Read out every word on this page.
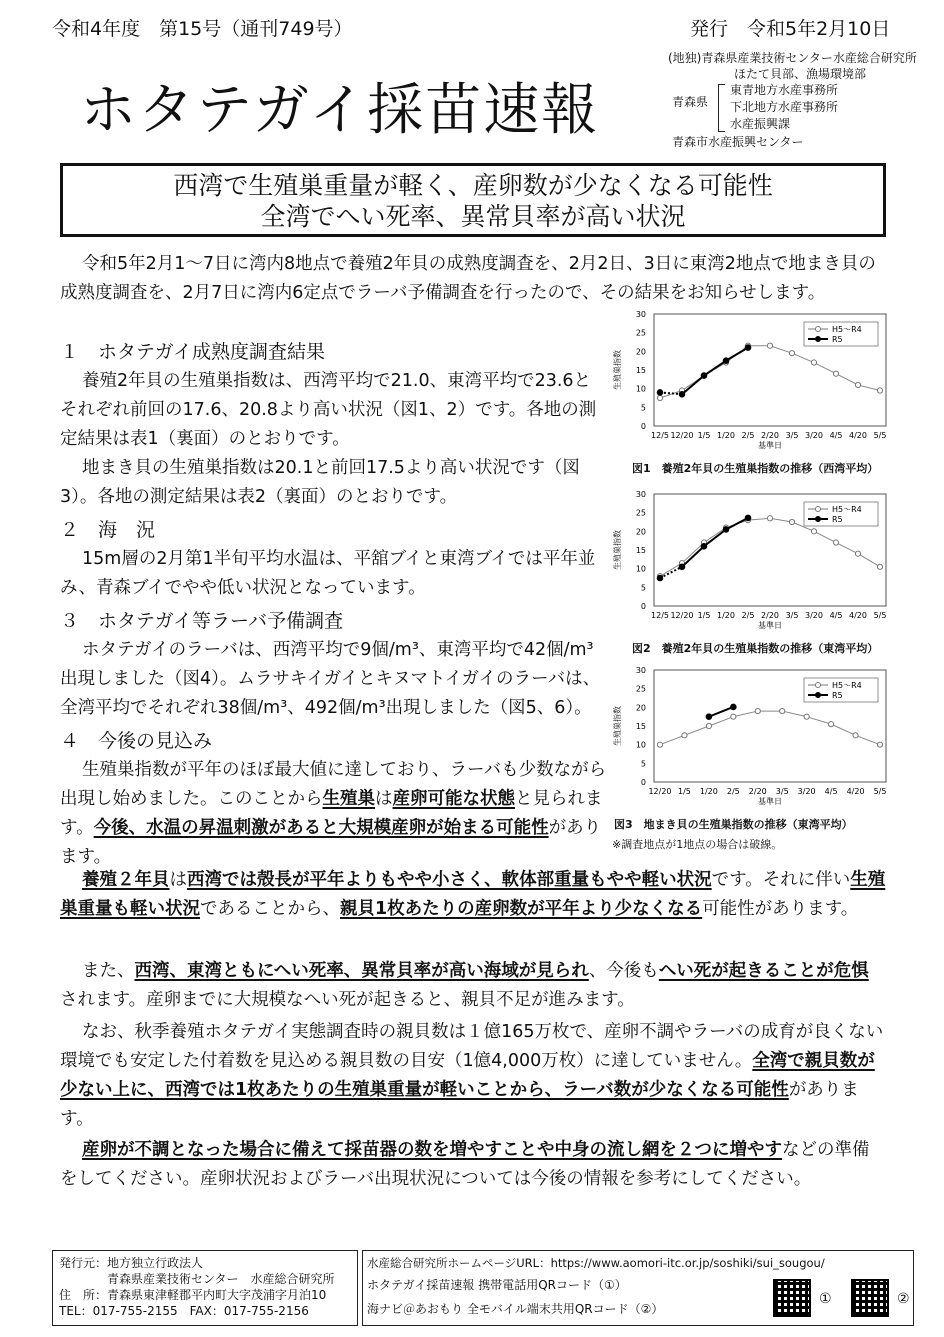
令和4年度　第15号（通刊749号）	発行　令和5年2月10日
ホタテガイ採苗速報
(地独)青森県産業技術センター水産総合研究所
ほたて貝部、漁場環境部
青森県
東青地方水産事務所
下北地方水産事務所
水産振興課
青森市水産振興センター
西湾で生殖巣重量が軽く、産卵数が少なくなる可能性
全湾でへい死率、異常貝率が高い状況
令和5年2月1～7日に湾内8地点で養殖2年貝の成熟度調査を、2月2日、3日に東湾2地点で地まき貝の成熟度調査を、2月7日に湾内6定点でラーバ予備調査を行ったので、その結果をお知らせします。
１　ホタテガイ成熟度調査結果
養殖2年貝の生殖巣指数は、西湾平均で21.0、東湾平均で23.6とそれぞれ前回の17.6、20.8より高い状況（図1、2）です。各地の測定結果は表1（裏面）のとおりです。
地まき貝の生殖巣指数は20.1と前回17.5より高い状況です（図3）。各地の測定結果は表2（裏面）のとおりです。
２　海　況
15m層の2月第1半旬平均水温は、平舘ブイと東湾ブイでは平年並み、青森ブイでやや低い状況となっています。
３　ホタテガイ等ラーバ予備調査
ホタテガイのラーバは、西湾平均で9個/m³、東湾平均で42個/m³出現しました（図4）。ムラサキイガイとキヌマトイガイのラーバは、全湾平均でそれぞれ38個/m³、492個/m³出現しました（図5、6）。
４　今後の見込み
生殖巣指数が平年のほぼ最大値に達しており、ラーバも少数ながら出現し始めました。このことから生殖巣は産卵可能な状態と見られます。今後、水温の昇温刺激があると大規模産卵が始まる可能性があります。
養殖２年貝は西湾では殻長が平年よりもやや小さく、軟体部重量もやや軽い状況です。それに伴い生殖巣重量も軽い状況であることから、親貝1枚あたりの産卵数が平年より少なくなる可能性があります。
また、西湾、東湾ともにへい死率、異常貝率が高い海域が見られ、今後もへい死が起きることが危惧されます。産卵までに大規模なへい死が起きると、親貝不足が進みます。
なお、秋季養殖ホタテガイ実態調査時の親貝数は１億165万枚で、産卵不調やラーバの成育が良くない環境でも安定した付着数を見込める親貝数の目安（1億4,000万枚）に達していません。全湾で親貝数が少ない上に、西湾では1枚あたりの生殖巣重量が軽いことから、ラーバ数が少なくなる可能性があります。
産卵が不調となった場合に備えて採苗器の数を増やすことや中身の流し網を２つに増やすなどの準備をしてください。産卵状況およびラーバ出現状況については今後の情報を参考にしてください。
0
5
10
15
20
25
30
12/5 12/20 1/5 1/20 2/5 2/20 3/5 3/20 4/5 4/20 5/5
基準日
生殖巣指数
H5～R4
R5
0
5
10
15
20
25
30
12/5 12/20 1/5 1/20 2/5 2/20 3/5 3/20 4/5 4/20 5/5
基準日
生殖巣指数
H5～R4
R5
0
5
10
15
20
25
30
12/20 1/5 1/20 2/5 2/20 3/5 3/20 4/5 4/20 5/5
基準日
生殖巣指数
H5～R4
R5
図1　養殖2年貝の生殖巣指数の推移（西湾平均）
図2　養殖2年貝の生殖巣指数の推移（東湾平均）
図3　地まき貝の生殖巣指数の推移（東湾平均）
※調査地点が1地点の場合は破線。
発行元：地方独立行政法人
青森県産業技術センター　水産総合研究所
住　所：青森県東津軽郡平内町大字茂浦字月泊10
TEL：017-755-2155　FAX：017-755-2156
水産総合研究所ホームページURL：https://www.aomori-itc.or.jp/soshiki/sui_sougou/
ホタテガイ採苗速報 携帯電話用QRコード（①）
海ナビ＠あおもり 全モバイル端末共用QRコード（②）
①	②
